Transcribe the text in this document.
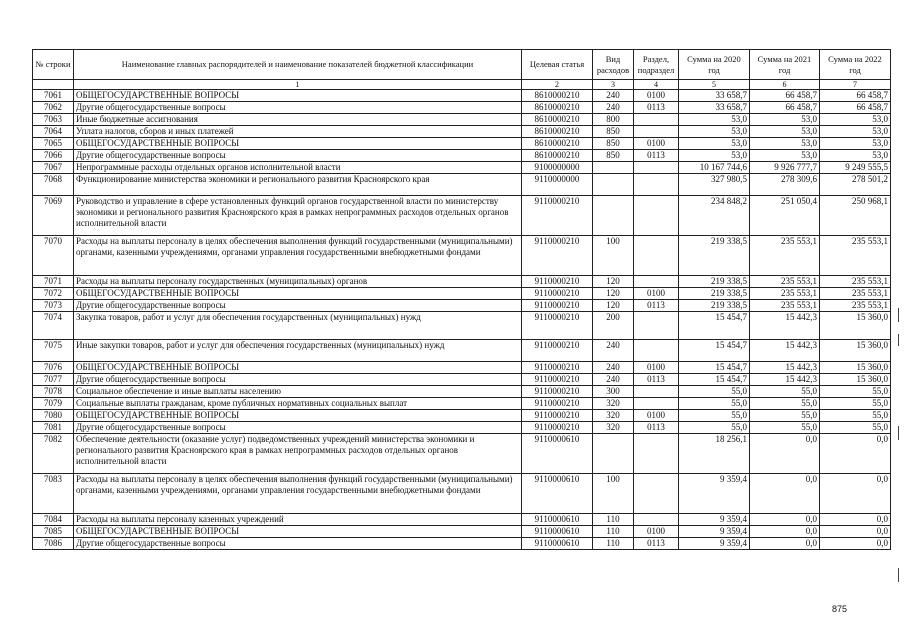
№ строки	Наименование главных распорядителей и наименование показателей бюджетной классификации	Целевая статья	Вид расходов	Раздел, подраздел	Сумма на 2020 год	Сумма на 2021 год	Сумма на 2022 год
	1	2	3	4	5	6	7
7061	ОБЩЕГОСУДАРСТВЕННЫЕ ВОПРОСЫ	8610000210	240	0100	33 658,7	66 458,7	66 458,7
7062	Другие общегосударственные вопросы	8610000210	240	0113	33 658,7	66 458,7	66 458,7
7063	Иные бюджетные ассигнования	8610000210	800		53,0	53,0	53,0
7064	Уплата налогов, сборов и иных платежей	8610000210	850		53,0	53,0	53,0
7065	ОБЩЕГОСУДАРСТВЕННЫЕ ВОПРОСЫ	8610000210	850	0100	53,0	53,0	53,0
7066	Другие общегосударственные вопросы	8610000210	850	0113	53,0	53,0	53,0
7067	Непрограммные расходы отдельных органов исполнительной власти	9100000000			10 167 744,6	9 926 777,7	9 249 555,5
7068	Функционирование министерства экономики и регионального развития Красноярского края	9110000000			327 980,5	278 309,6	278 501,2
7069	Руководство и управление в сфере установленных функций органов государственной власти по министерству экономики и регионального развития Красноярского края в рамках непрограммных расходов отдельных органов исполнительной власти	9110000210			234 848,2	251 050,4	250 968,1
7070	Расходы на выплаты персоналу в целях обеспечения выполнения функций государственными (муниципальными) органами, казенными учреждениями, органами управления государственными внебюджетными фондами	9110000210	100		219 338,5	235 553,1	235 553,1
7071	Расходы на выплаты персоналу государственных (муниципальных) органов	9110000210	120		219 338,5	235 553,1	235 553,1
7072	ОБЩЕГОСУДАРСТВЕННЫЕ ВОПРОСЫ	9110000210	120	0100	219 338,5	235 553,1	235 553,1
7073	Другие общегосударственные вопросы	9110000210	120	0113	219 338,5	235 553,1	235 553,1
7074	Закупка товаров, работ и услуг для обеспечения государственных (муниципальных) нужд	9110000210	200		15 454,7	15 442,3	15 360,0
7075	Иные закупки товаров, работ и услуг для обеспечения государственных (муниципальных) нужд	9110000210	240		15 454,7	15 442,3	15 360,0
7076	ОБЩЕГОСУДАРСТВЕННЫЕ ВОПРОСЫ	9110000210	240	0100	15 454,7	15 442,3	15 360,0
7077	Другие общегосударственные вопросы	9110000210	240	0113	15 454,7	15 442,3	15 360,0
7078	Социальное обеспечение и иные выплаты населению	9110000210	300		55,0	55,0	55,0
7079	Социальные выплаты гражданам, кроме публичных нормативных социальных выплат	9110000210	320		55,0	55,0	55,0
7080	ОБЩЕГОСУДАРСТВЕННЫЕ ВОПРОСЫ	9110000210	320	0100	55,0	55,0	55,0
7081	Другие общегосударственные вопросы	9110000210	320	0113	55,0	55,0	55,0
7082	Обеспечение деятельности (оказание услуг) подведомственных учреждений министерства экономики и регионального развития Красноярского края в рамках непрограммных расходов отдельных органов исполнительной власти	9110000610			18 256,1	0,0	0,0
7083	Расходы на выплаты персоналу в целях обеспечения выполнения функций государственными (муниципальными) органами, казенными учреждениями, органами управления государственными внебюджетными фондами	9110000610	100		9 359,4	0,0	0,0
7084	Расходы на выплаты персоналу казенных учреждений	9110000610	110		9 359,4	0,0	0,0
7085	ОБЩЕГОСУДАРСТВЕННЫЕ ВОПРОСЫ	9110000610	110	0100	9 359,4	0,0	0,0
7086	Другие общегосударственные вопросы	9110000610	110	0113	9 359,4	0,0	0,0
875
